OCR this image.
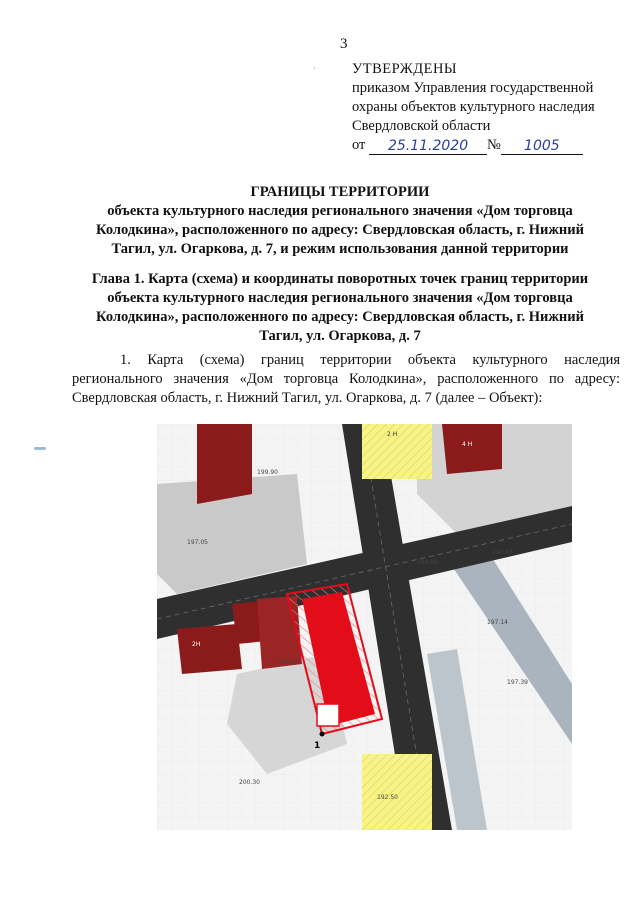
3
'	УТВЕРЖДЕНЫ
приказом Управления государственной
охраны объектов культурного наследия
Свердловской области
от
	25.11.2020	№	1005
ГРАНИЦЫ ТЕРРИТОРИИ
объекта культурного наследия регионального значения «Дом торговца
Колодкина», расположенного по адресу: Свердловская область, г. Нижний
Тагил, ул. Огаркова, д. 7, и режим использования данной территории
Глава 1. Карта (схема) и координаты поворотных точек границ территории
объекта культурного наследия регионального значения «Дом торговца
Колодкина», расположенного по адресу: Свердловская область, г. Нижний
Тагил, ул. Огаркова, д. 7
1. Карта (схема) границ территории объекта культурного наследия регионального значения «Дом торговца Колодкина», расположенного по адресу: Свердловская область, г. Нижний Тагил, ул. Огаркова, д. 7 (далее – Объект):
2 Н
4 Н
2Н
1
200.30
197.05
196.85
197.39
198.90
199.90
192.50
198.20
197.14
